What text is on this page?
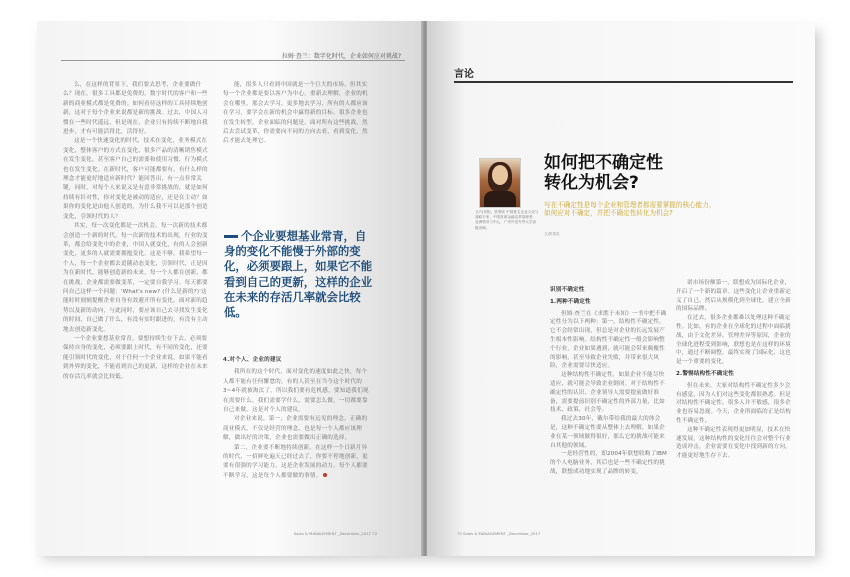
拉姆·查兰：数字化时代，企业如何应对挑战?

么，在这样的背景下，我们要去思考，企业要做什么？现在，很多工具都是免费的，数字时代的客户和一些新的商业模式都是免费的。如何看待这样的工具持续地创新，这对于每个企业来说都是新的挑战。过去，中国人习惯在一些时代遥远，但是现在，企业只有持续不断地自我进步，才有可能活得比，活得好。

这是一个快速变化的时代，技术在变化，业务模式在变化，整体客户的方式在变化，很多产品的清晰销售模式在发生变化。甚至客户自己的需要和使用习惯，行为模式也在发生变化。在新时代，客户可能都要有，有什么样的理念才能更好地适应新时代？能回答出，有一点非常关键，同时，对每个人来说又是有意非常挑战的，就是如何持续有针对性，你对变化是被动的适应，还是在主动？如果你的变化是由他人创造的，为什么我不可以是那个创造变化，引领时代的人？

其实，每一次变化都是一次机会。每一次新的技术都会创造一个新的时代，每一次新的技术的出现，行业的变革，都会给变化中的企业，中国人就变化，有的人会创新变化，更多的人就需要拥抱变化，这是不够，我希望每一个人，每一个企业都去追随动态变化，引领时代，正是因为在新时代，能够创造新的未来，每一个人都在创新，都在挑战，企业都需要做变革，一定要自我学习。每天都要问自己这样一个问题：'What's new? (什么是新的?)'这能时时刻刻提醒企业自身有效避开所有变化，面对新的趋势以及新的动向，与此同时，要应该自己去寻找发生变化的时间，自己做了什么，有没有实时跟进的，有没有主动地去创造新变化。

一个企业要想基业常青，要想持续生存下去，必须要保持自身的变化，必须要跟上时代，有不同的变化，还要能引领时代的变化，对于任何一个企业来说，如果不能看到外界的变化，不能看到自己的更新，这样的企业在未来的存活几率就会比较低。

能，很多人只看到中国就是一个巨大的市场。但其实每一个企业都是要以客户为中心，重新去理解，企业的机会在哪里，那会去学习，更多地去学习，所有的人都应该在学习，要学会在新的机会中赢得新的目标。很多企业也在发生转型，企业面临的问题是，面对所有这些挑战，然后去尝试变革，你需要向不同的方向去看，看到变化，然后才能去处理它。

个企业要想基业常青，自身的变化不能慢于外部的变化，必须要跟上，如果它不能看到自己的更新，这样的企业在未来的存活几率就会比较低。

4.对个人、企业的建议

我所在的这个时代，面对变化的速度如此之快，每个人都不能有任何懈怠的，有的人甚至在当今这个时代的3~4年就被淘汰了，所以我们要有危机感，要知道我们现在需要什么，我们需要学什么，需要怎么做，一切都要靠自己来做，这是对个人的建议。

对企业来说，第一，企业需要有远见的理念，正确的商业模式，不仅是经营的理念，也是每一个人都应该理解，做出好的决策，企业也需要做出正确的选择。

第二，企业要不断地持续创新。在这样一个日新月异的时代，一招鲜吃遍天已经过去了，你要不停地创新，更要有很强的学习能力，这是企业发展的动力。每个人都要不断学习，这是每个人都要做的事情。

Sales & MANAGEMENT _December_2017 72
言论
文/马凤阳，蔡奉欣 中国著名企业文化与战略专家，中国首席金融变革管理者，亚洲领导力中心，广州外语外贸大学高级讲师。
如何把不确定性
转化为机会?
写在不确定性是每个企业和管理者都需要掌握的核心能力，如何应对不确定，并把不确定性转化为机会?
文/张泰旺

识别不确定性

1.两种不确定性

但姆·查兰在《求胜于未知》一书中把不确定性分为以下两种：第一，结构性不确定性，它不会经常出现，但总是对企业的长远发展产生根本性影响。结构性不确定性一般会影响整个行业，企业如果遇到，就可能会带来颠覆性的影响，甚至导致企业失败，并带来很大风险，企业需要尽快适应。

这种结构性不确定性，如果企业不能尽快适应，就可能会导致企业倒闭。对于结构性不确定性的认识，企业领导人需要提前做好准备，需要提前识别不确定性的外部力量，比如技术、政策、社会等。

我过去30年，戴尔带给我的最大的体会是，这种不确定性要从整体上去理解，如果企业在某一领域做得很好，那么它的挑战可能来自其他的领域。

一是经营性的，即2004年联想收购了IBM的个人电脑业务，其后也是一些不确定性的挑战，联想成功地实现了品牌的转变。

诺市场份额第一，联想成为国际化企业，开启了一个新的篇章。这些变化让企业重新定义了自己，然后从规模化到全球化，建立全新的国际品牌。

在过去，很多企业都难以处理这种不确定性。比如，有的企业在全球化的过程中面临挑战，由于文化差异、管理差异等原因，企业的全球化进程受到影响，联想也是在这样的环境中，通过不断调整，最终实现了国际化，这也是一个重要的变化。

2.警惕结构性不确定性

但在未来，大家对结构性不确定性多少会有感觉，因为人们对这些变化都很熟悉。但是对结构性不确定性，很多人并不敏感，很多企业也容易忽视。今天，企业所面临的正是结构性不确定性。

这种不确定性表现得更加明显，技术在快速发展，这种结构性的变化往往会对整个行业造成冲击，企业需要在变化中找到新的方向，才能更好地生存下去。

72 Sales & MANAGEMENT _December_2017
